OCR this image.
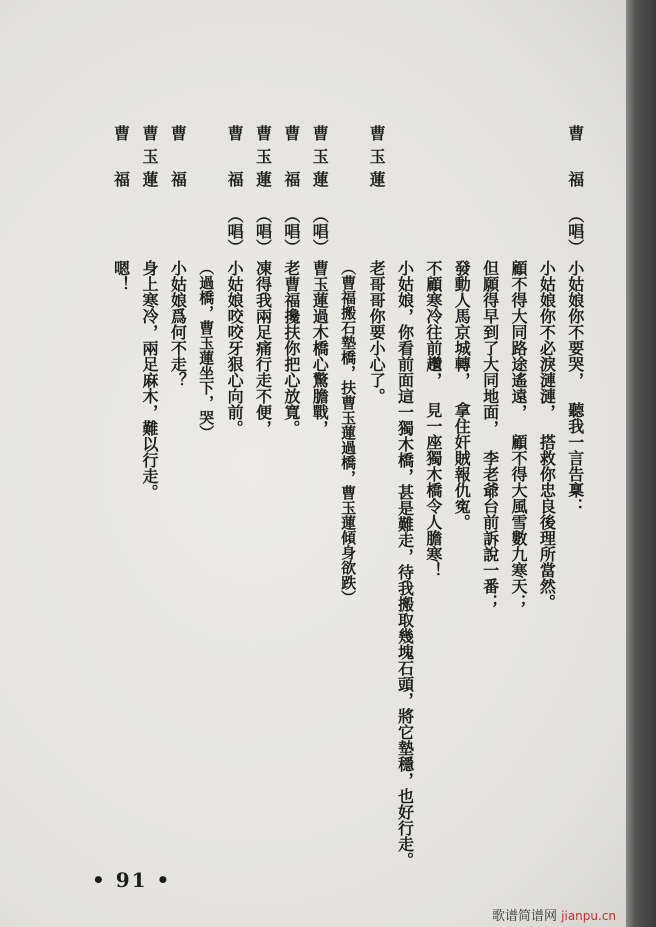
曹　福
（唱）
小姑娘你不要哭，聽我一言告稟：
小姑娘你不必淚漣漣，搭救你忠良後理所當然。
顧不得大同路途遙遠，顧不得大風雪數九寒天；
但願得早到了大同地面，李老爺台前訴說一番；
發動人馬京城轉，拿住奸賊報仇寃。
不顧寒冷往前趲，見一座獨木橋令人膽寒！
小姑娘，你看前面這一獨木橋，甚是難走，待我搬取幾塊石頭，將它墊穩，也好行走。
曹玉蓮
老哥哥你要小心了。
（曹福搬石墊橋，扶曹玉蓮過橋，曹玉蓮傾身欲跌）
曹玉蓮
（唱）
曹玉蓮過木橋心驚膽戰，
曹　福
（唱）
老曹福攙扶你把心放寬。
曹玉蓮
（唱）
凍得我兩足痛行走不便，
曹　福
（唱）
小姑娘咬咬牙狠心向前。
（過橋，曹玉蓮坐下，哭）
曹　福
小姑娘爲何不走？
曹玉蓮
身上寒冷，兩足麻木，難以行走。
曹　福
嗯！
• 91 •
歌谱简谱网 jianpu.cn
